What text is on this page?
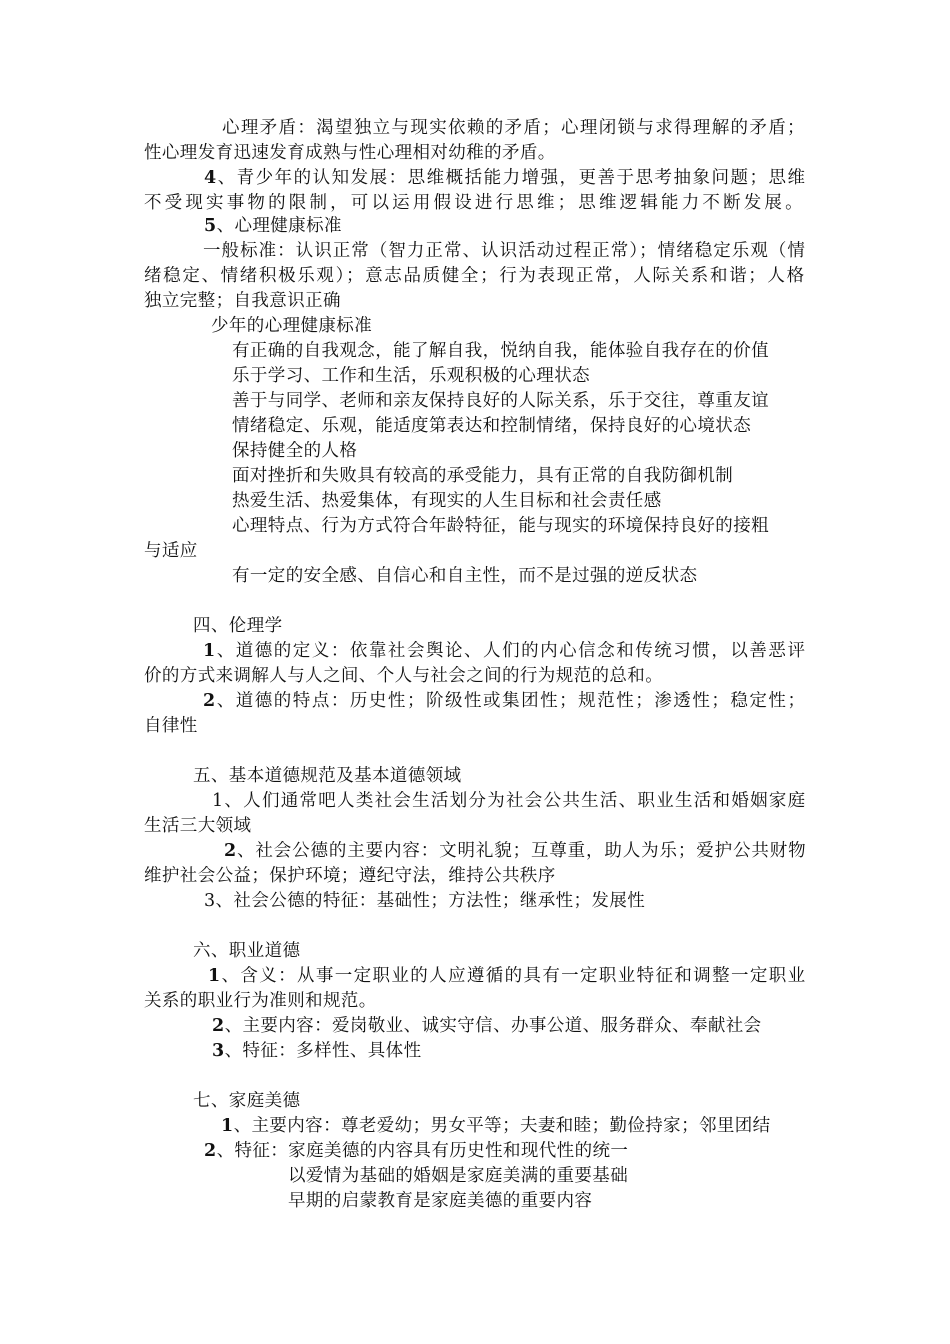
心理矛盾：渴望独立与现实依赖的矛盾；心理闭锁与求得理解的矛盾；
性心理发育迅速发育成熟与性心理相对幼稚的矛盾。
4、青少年的认知发展：思维概括能力增强，更善于思考抽象问题；思维
不受现实事物的限制，可以运用假设进行思维；思维逻辑能力不断发展。
5、心理健康标准
一般标准：认识正常（智力正常、认识活动过程正常）；情绪稳定乐观（情
绪稳定、情绪积极乐观）；意志品质健全；行为表现正常，人际关系和谐；人格
独立完整；自我意识正确
少年的心理健康标准
有正确的自我观念，能了解自我，悦纳自我，能体验自我存在的价值
乐于学习、工作和生活，乐观积极的心理状态
善于与同学、老师和亲友保持良好的人际关系，乐于交往，尊重友谊
情绪稳定、乐观，能适度第表达和控制情绪，保持良好的心境状态
保持健全的人格
面对挫折和失败具有较高的承受能力，具有正常的自我防御机制
热爱生活、热爱集体，有现实的人生目标和社会责任感
心理特点、行为方式符合年龄特征，能与现实的环境保持良好的接粗
与适应
有一定的安全感、自信心和自主性，而不是过强的逆反状态
四、伦理学
1、道德的定义：依靠社会舆论、人们的内心信念和传统习惯，以善恶评
价的方式来调解人与人之间、个人与社会之间的行为规范的总和。
2、道德的特点：历史性；阶级性或集团性；规范性；渗透性；稳定性；
自律性
五、基本道德规范及基本道德领域
1、人们通常吧人类社会生活划分为社会公共生活、职业生活和婚姻家庭
生活三大领域
2、社会公德的主要内容：文明礼貌；互尊重，助人为乐；爱护公共财物
维护社会公益；保护环境；遵纪守法，维持公共秩序
3、社会公德的特征：基础性；方法性；继承性；发展性
六、职业道德
1、含义：从事一定职业的人应遵循的具有一定职业特征和调整一定职业
关系的职业行为准则和规范。
2、主要内容：爱岗敬业、诚实守信、办事公道、服务群众、奉献社会
3、特征：多样性、具体性
七、家庭美德
1、主要内容：尊老爱幼；男女平等；夫妻和睦；勤俭持家；邻里团结
2、特征：家庭美德的内容具有历史性和现代性的统一
以爱情为基础的婚姻是家庭美满的重要基础
早期的启蒙教育是家庭美德的重要内容
